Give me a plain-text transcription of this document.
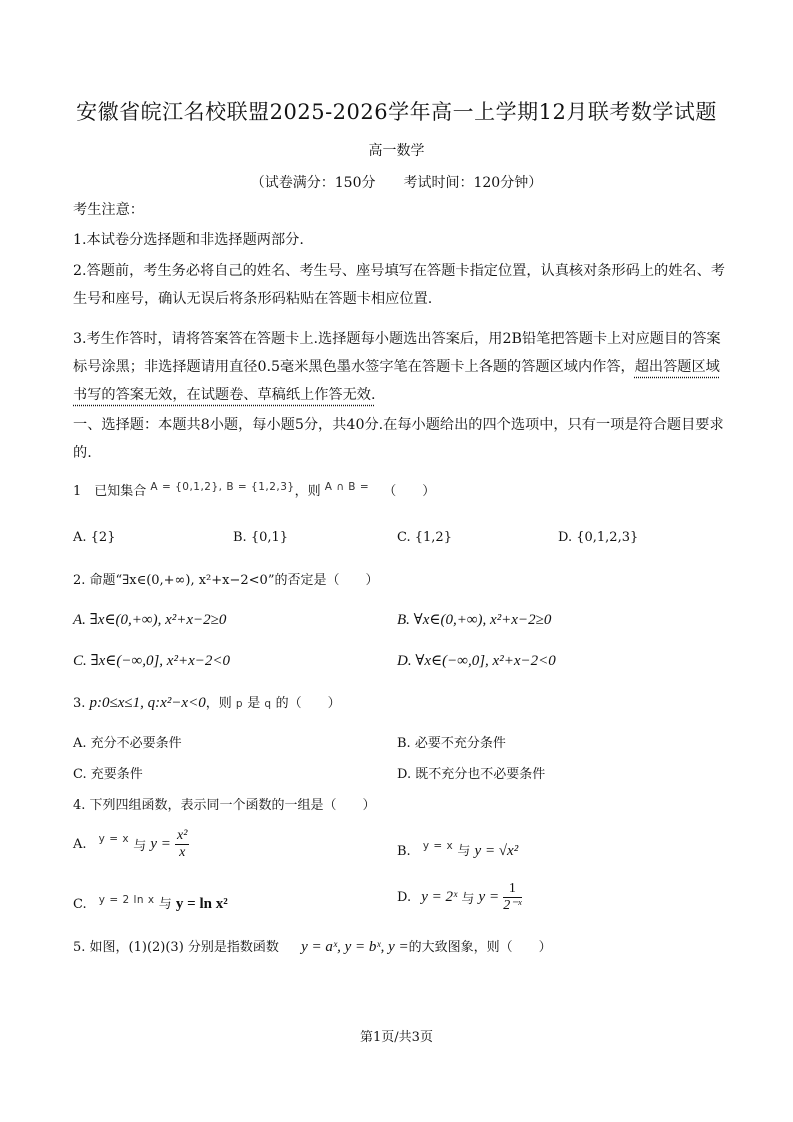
安徽省皖江名校联盟2025-2026学年高一上学期12月联考数学试题
高一数学
（试卷满分：150分　　考试时间：120分钟）
考生注意：
1.本试卷分选择题和非选择题两部分.
2.答题前，考生务必将自己的姓名、考生号、座号填写在答题卡指定位置，认真核对条形码上的姓名、考生号和座号，确认无误后将条形码粘贴在答题卡相应位置.
3.考生作答时，请将答案答在答题卡上.选择题每小题选出答案后，用2B铅笔把答题卡上对应题目的答案标号涂黑；非选择题请用直径0.5毫米黑色墨水签字笔在答题卡上各题的答题区域内作答，超出答题区域书写的答案无效，在试题卷、草稿纸上作答无效.
一、选择题：本题共8小题，每小题5分，共40分.在每小题给出的四个选项中，只有一项是符合题目要求的.
1　已知集合 $^{A = \{0,1,2\}, B = \{1,2,3\}}$，则 $^{A \cap B =}$ （　　）
A. {2}	B. {0,1}	C. {1,2}	D. {0,1,2,3}
2. 命题“∃x∈(0,+∞), x²+x−2<0”的否定是（　　）
A. ∃x∈(0,+∞), x²+x−2≥0	B. ∀x∈(0,+∞), x²+x−2≥0
C. ∃x∈(−∞,0], x²+x−2<0	D. ∀x∈(−∞,0], x²+x−2<0
3. p:0≤x≤1, q:x²−x<0，则 p 是 q 的（　　）
A. 充分不必要条件	B. 必要不充分条件
C. 充要条件	D. 既不充分也不必要条件
4. 下列四组函数，表示同一个函数的一组是（　　）
A. $^{y = x}$ 与 $y = \frac{\text{x²}}{x}$	B. $^{y = x}$ 与 y = √x²
C. $^{y = 2 ln x}$ 与 y = ln x²	D. y = 2ˣ 与 $y = \frac{1}{\text{2⁻ˣ}}$
5. 如图，(1)(2)(3) 分别是指数函数 y = aˣ, y = bˣ, y =的大致图象，则（　　）
第1页/共3页
